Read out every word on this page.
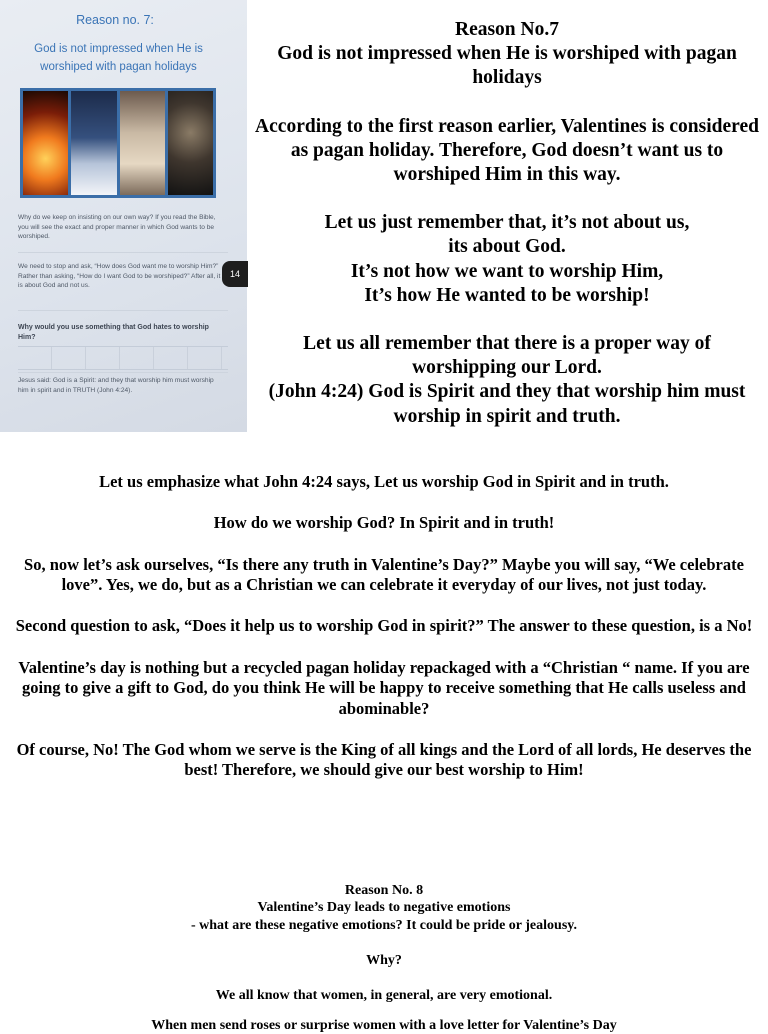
Reason no. 7:
God is not impressed when He is worshiped with pagan holidays
Why do we keep on insisting on our own way? If you read the Bible, you will see the exact and proper manner in which God wants to be worshiped.
We need to stop and ask, “How does God want me to worship Him?” Rather than asking, “How do I want God to be worshiped?” After all, it is about God and not us.
Why would you use something that God hates to worship Him?
Jesus said: God is a Spirit: and they that worship him must worship him in spirit and in TRUTH (John 4:24).
14

Reason No.7

God is not impressed when He is worshiped with pagan holidays

According to the first reason earlier, Valentines is considered as pagan holiday. Therefore, God doesn’t want us to worshiped Him in this way.

Let us just remember that, it’s not about us,

its about God.

It’s not how we want to worship Him,

It’s how He wanted to be worship!

Let us all remember that there is a proper way of worshipping our Lord.

(John 4:24) God is Spirit and they that worship him must worship in spirit and truth.

Let us emphasize what John 4:24 says, Let us worship God in Spirit and in truth.

How do we worship God? In Spirit and in truth!

So, now let’s ask ourselves, “Is there any truth in Valentine’s Day?” Maybe you will say, “We celebrate love”. Yes, we do, but as a Christian we can celebrate it everyday of our lives, not just today.

Second question to ask, “Does it help us to worship God in spirit?” The answer to these question, is a No!

Valentine’s day is nothing but a recycled pagan holiday repackaged with a “Christian “ name. If you are going to give a gift to God, do you think He will be happy to receive something that He calls useless and abominable?

Of course, No! The God whom we serve is the King of all kings and the Lord of all lords, He deserves the best! Therefore, we should give our best worship to Him!

Reason No. 8

Valentine’s Day leads to negative emotions

- what are these negative emotions? It could be pride or jealousy.

Why?

We all know that women, in general, are very emotional.

When men send roses or surprise women with a love letter for Valentine’s Day
